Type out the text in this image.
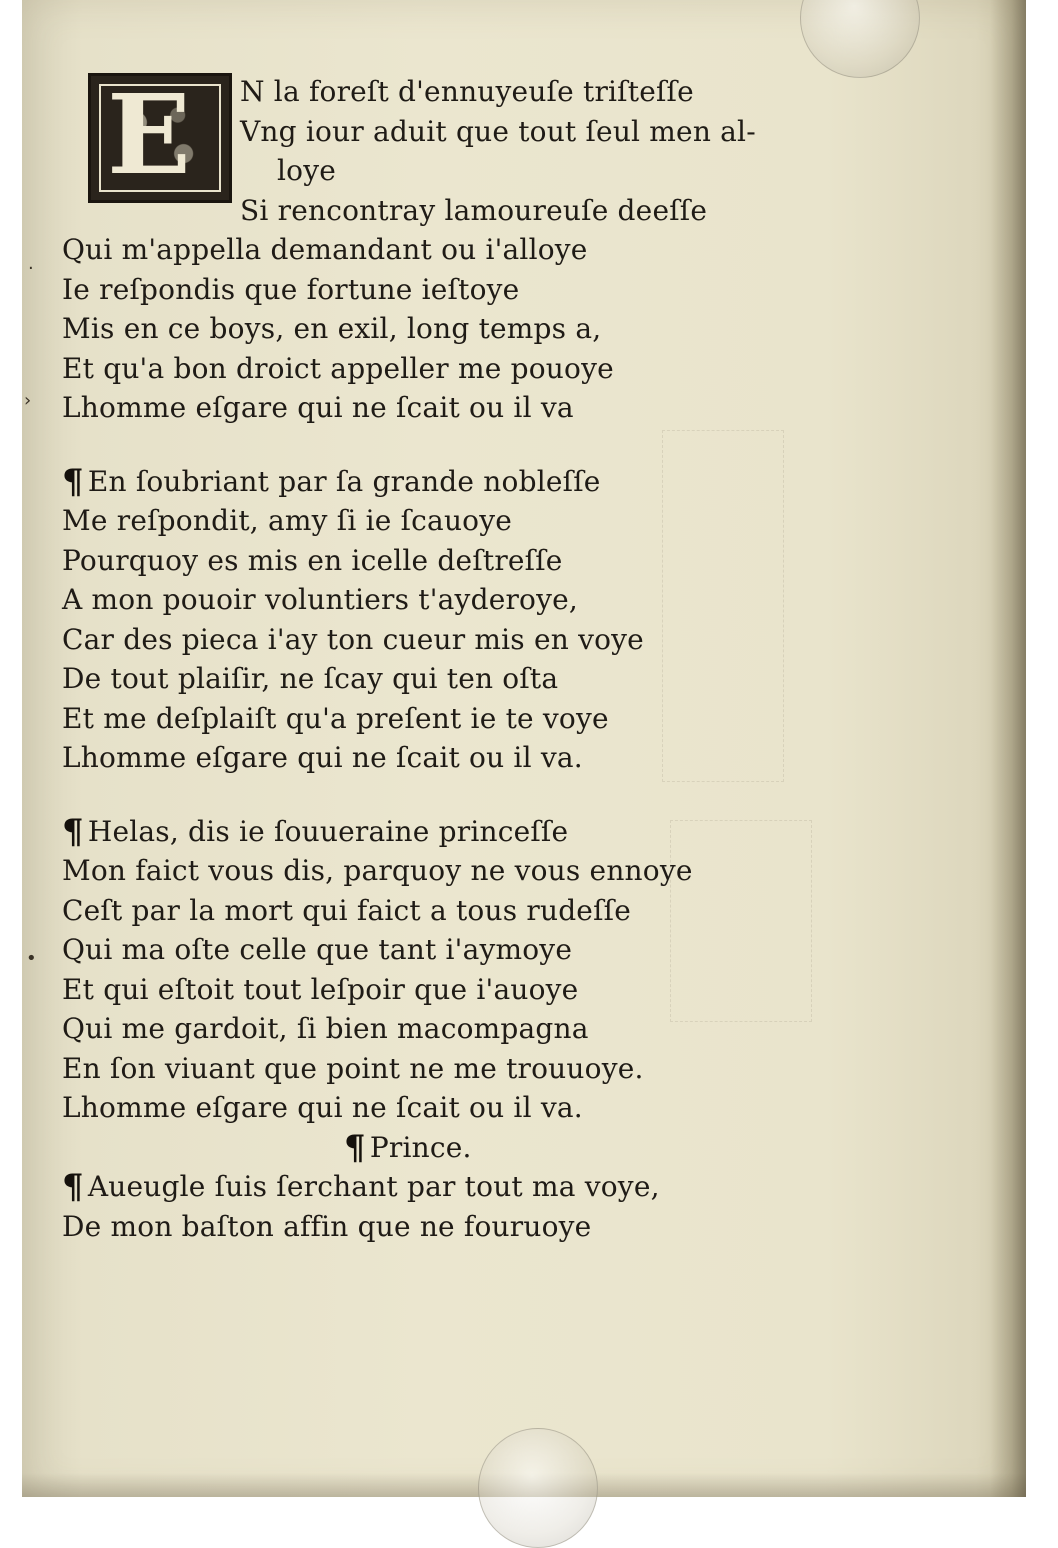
E	N la foreſt d'ennuyeuſe triſteſſe
Vng iour aduit que tout ſeul men al-
loye
Si rencontray lamoureuſe deeſſe
Qui m'appella demandant ou i'alloye
Ie reſpondis que fortune ieſtoye
Mis en ce boys, en exil, long temps a,
Et qu'a bon droict appeller me pouoye
Lhomme eſgare qui ne ſcait ou il va
¶ En ſoubriant par ſa grande nobleſſe
Me reſpondit, amy ſi ie ſcauoye
Pourquoy es mis en icelle deſtreſſe
A mon pouoir voluntiers t'ayderoye,
Car des pieca i'ay ton cueur mis en voye
De tout plaiſir, ne ſcay qui ten oſta
Et me deſplaiſt qu'a preſent ie te voye
Lhomme eſgare qui ne ſcait ou il va.
¶ Helas, dis ie ſouueraine princeſſe
Mon faict vous dis, parquoy ne vous ennoye
Ceſt par la mort qui faict a tous rudeſſe
Qui ma oſte celle que tant i'aymoye
Et qui eſtoit tout leſpoir que i'auoye
Qui me gardoit, ſi bien macompagna
En ſon viuant que point ne me trouuoye.
Lhomme eſgare qui ne ſcait ou il va.
¶ Prince.
¶ Aueugle ſuis ſerchant par tout ma voye,
De mon baſton affin que ne fouruoye
·
›
•
